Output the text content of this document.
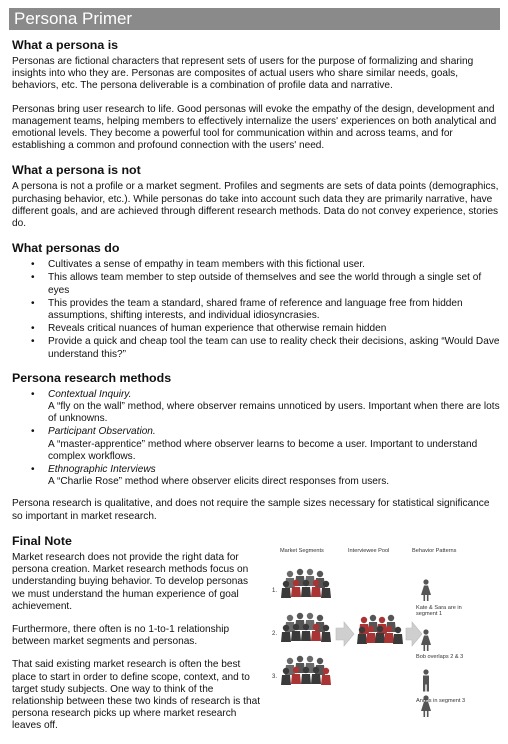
Persona Primer
What a persona is

Personas are fictional characters that represent sets of users for the purpose of formalizing and sharing insights into who they are. Personas are composites of actual users who share similar needs, goals, behaviors, etc. The persona deliverable is a combination of profile data and narrative.

Personas bring user research to life. Good personas will evoke the empathy of the design, development and management teams, helping members to effectively internalize the users' experiences on both analytical and emotional levels. They become a powerful tool for communication within and across teams, and for establishing a common and profound connection with the users' need.

What a persona is not

A persona is not a profile or a market segment. Profiles and segments are sets of data points (demographics, purchasing behavior, etc.). While personas do take into account such data they are primarily narrative, have different goals, and are achieved through different research methods. Data do not convey experience, stories do.

What personas do
• Cultivates a sense of empathy in team members with this fictional user.
• This allows team member to step outside of themselves and see the world through a single set of eyes
• This provides the team a standard, shared frame of reference and language free from hidden assumptions, shifting interests, and individual idiosyncrasies.
• Reveals critical nuances of human experience that otherwise remain hidden
• Provide a quick and cheap tool the team can use to reality check their decisions, asking “Would Dave understand this?”
Persona research methods
• Contextual Inquiry.
A “fly on the wall” method, where observer remains unnoticed by users. Important when there are lots of unknowns.
• Participant Observation.
A “master-apprentice” method where observer learns to become a user. Important to understand complex workflows.
• Ethnographic Interviews
A “Charlie Rose” method where observer elicits direct responses from users.

Persona research is qualitative, and does not require the sample sizes necessary for statistical significance so important in market research.

Final Note

Market research does not provide the right data for persona creation. Market research methods focus on understanding buying behavior. To develop personas we must understand the human experience of goal achievement.

Furthermore, there often is no 1-to-1 relationship between market segments and personas.

That said existing market research is often the best place to start in order to define scope, context, and to target study subjects. One way to think of the relationship between these two kinds of research is that persona research picks up where market research leaves off.

Market Segments	Interviewee Pool	Behavior Patterns
1.
2.
3.
Kate & Sara are in segment 1
Bob overlaps 2 & 3
Ann is in segment 3
